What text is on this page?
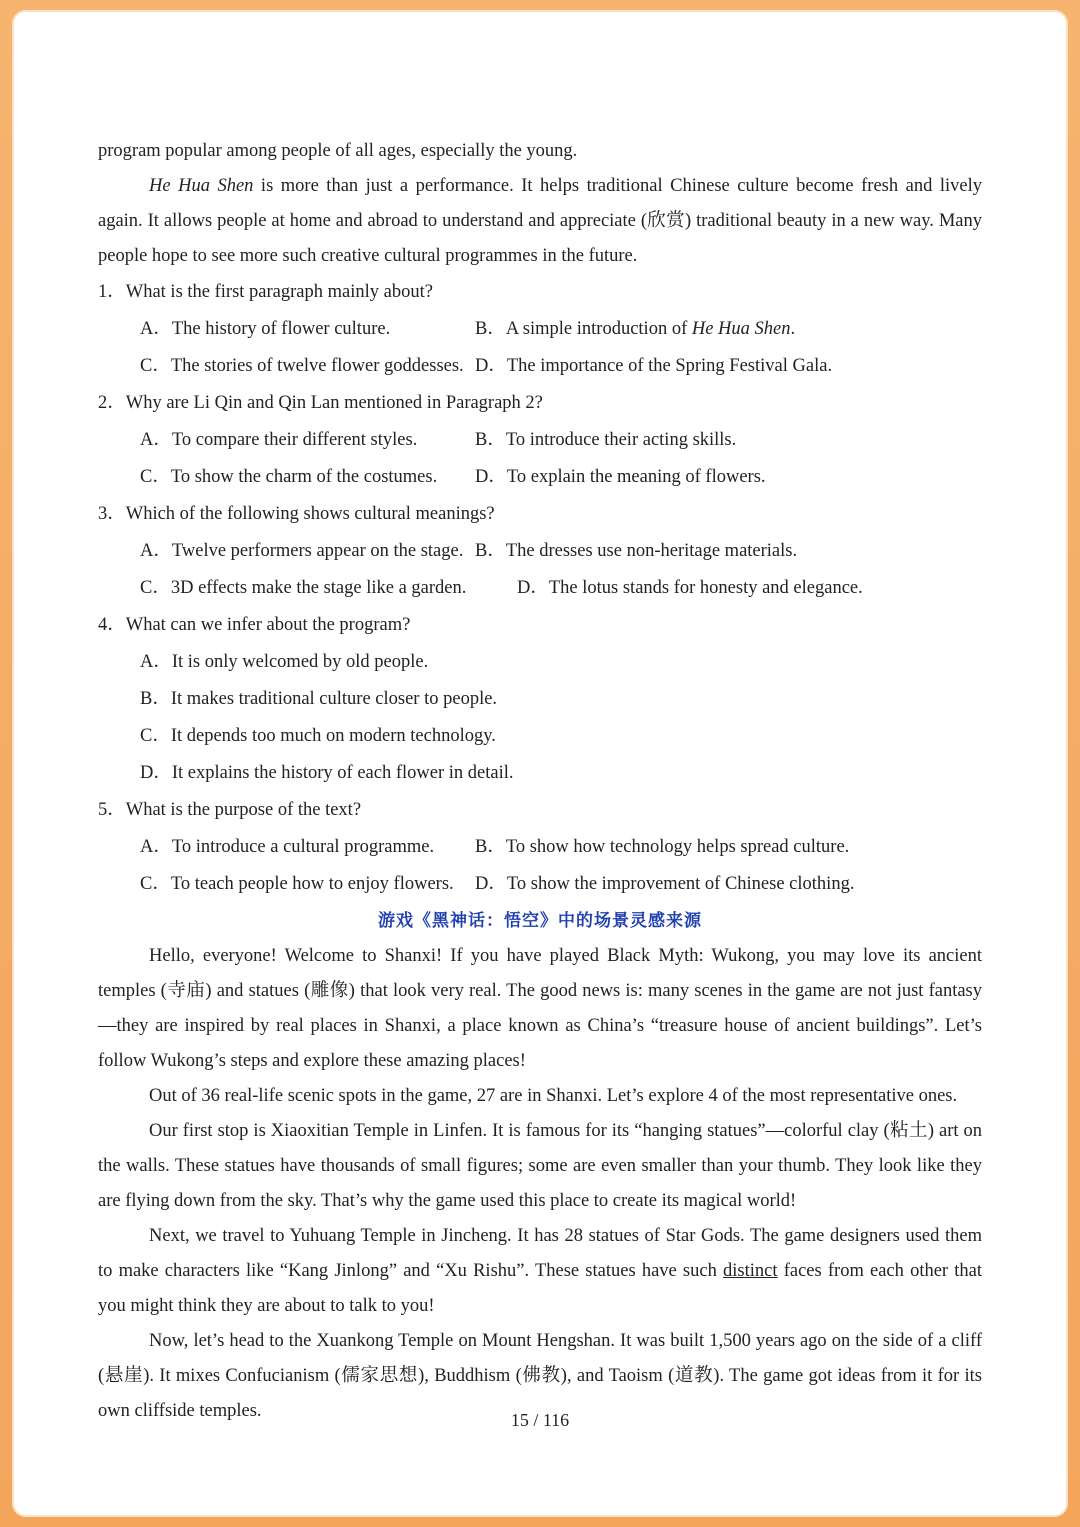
program popular among people of all ages, especially the young.

He Hua Shen is more than just a performance. It helps traditional Chinese culture become fresh and lively again. It allows people at home and abroad to understand and appreciate (欣赏) traditional beauty in a new way. Many people hope to see more such creative cultural programmes in the future.

1．What is the first paragraph mainly about?
A．The history of flower culture.	B．A simple introduction of He Hua Shen.
C．The stories of twelve flower goddesses. D．The importance of the Spring Festival Gala.
2．Why are Li Qin and Qin Lan mentioned in Paragraph 2?
A．To compare their different styles.	B．To introduce their acting skills.
C．To show the charm of the costumes. D．To explain the meaning of flowers.
3．Which of the following shows cultural meanings?
A．Twelve performers appear on the stage. B．The dresses use non-heritage materials.
C．3D effects make the stage like a garden.	D．The lotus stands for honesty and elegance.
4．What can we infer about the program?
A．It is only welcomed by old people.
B．It makes traditional culture closer to people.
C．It depends too much on modern technology.
D．It explains the history of each flower in detail.
5．What is the purpose of the text?
A．To introduce a cultural programme. B．To show how technology helps spread culture.
C．To teach people how to enjoy flowers. D．To show the improvement of Chinese clothing.
游戏《黑神话：悟空》中的场景灵感来源

Hello, everyone! Welcome to Shanxi! If you have played Black Myth: Wukong, you may love its ancient temples (寺庙) and statues (雕像) that look very real. The good news is: many scenes in the game are not just fantasy—they are inspired by real places in Shanxi, a place known as China’s “treasure house of ancient buildings”. Let’s follow Wukong’s steps and explore these amazing places!

Out of 36 real-life scenic spots in the game, 27 are in Shanxi. Let’s explore 4 of the most representative ones.

Our first stop is Xiaoxitian Temple in Linfen. It is famous for its “hanging statues”—colorful clay (粘土) art on the walls. These statues have thousands of small figures; some are even smaller than your thumb. They look like they are flying down from the sky. That’s why the game used this place to create its magical world!

Next, we travel to Yuhuang Temple in Jincheng. It has 28 statues of Star Gods. The game designers used them to make characters like “Kang Jinlong” and “Xu Rishu”. These statues have such distinct faces from each other that you might think they are about to talk to you!

Now, let’s head to the Xuankong Temple on Mount Hengshan. It was built 1,500 years ago on the side of a cliff (悬崖). It mixes Confucianism (儒家思想), Buddhism (佛教), and Taoism (道教). The game got ideas from it for its own cliffside temples.	15 / 116
